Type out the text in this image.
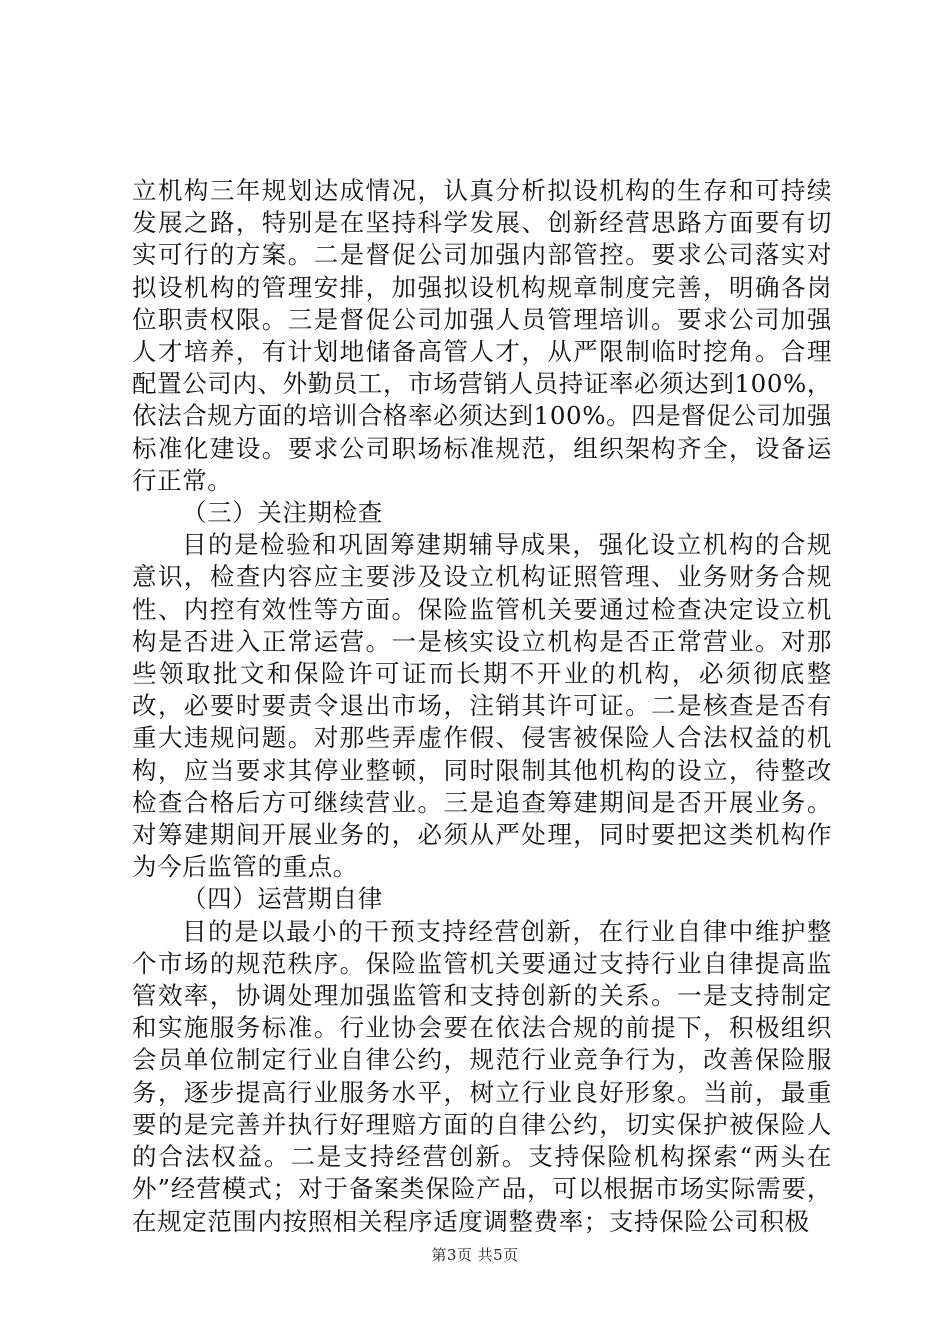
立机构三年规划达成情况，认真分析拟设机构的生存和可持续发展之路，特别是在坚持科学发展、创新经营思路方面要有切实可行的方案。二是督促公司加强内部管控。要求公司落实对拟设机构的管理安排，加强拟设机构规章制度完善，明确各岗位职责权限。三是督促公司加强人员管理培训。要求公司加强人才培养，有计划地储备高管人才，从严限制临时挖角。合理配置公司内、外勤员工，市场营销人员持证率必须达到100%，依法合规方面的培训合格率必须达到100%。四是督促公司加强标准化建设。要求公司职场标准规范，组织架构齐全，设备运行正常。

（三）关注期检查

目的是检验和巩固筹建期辅导成果，强化设立机构的合规意识，检查内容应主要涉及设立机构证照管理、业务财务合规性、内控有效性等方面。保险监管机关要通过检查决定设立机构是否进入正常运营。一是核实设立机构是否正常营业。对那些领取批文和保险许可证而长期不开业的机构，必须彻底整改，必要时要责令退出市场，注销其许可证。二是核查是否有重大违规问题。对那些弄虚作假、侵害被保险人合法权益的机构，应当要求其停业整顿，同时限制其他机构的设立，待整改检查合格后方可继续营业。三是追查筹建期间是否开展业务。对筹建期间开展业务的，必须从严处理，同时要把这类机构作为今后监管的重点。

（四）运营期自律

目的是以最小的干预支持经营创新，在行业自律中维护整个市场的规范秩序。保险监管机关要通过支持行业自律提高监管效率，协调处理加强监管和支持创新的关系。一是支持制定和实施服务标准。行业协会要在依法合规的前提下，积极组织会员单位制定行业自律公约，规范行业竞争行为，改善保险服务，逐步提高行业服务水平，树立行业良好形象。当前，最重要的是完善并执行好理赔方面的自律公约，切实保护被保险人的合法权益。二是支持经营创新。支持保险机构探索“两头在外”经营模式；对于备案类保险产品，可以根据市场实际需要，在规定范围内按照相关程序适度调整费率；支持保险公司积极

第3页 共5页
